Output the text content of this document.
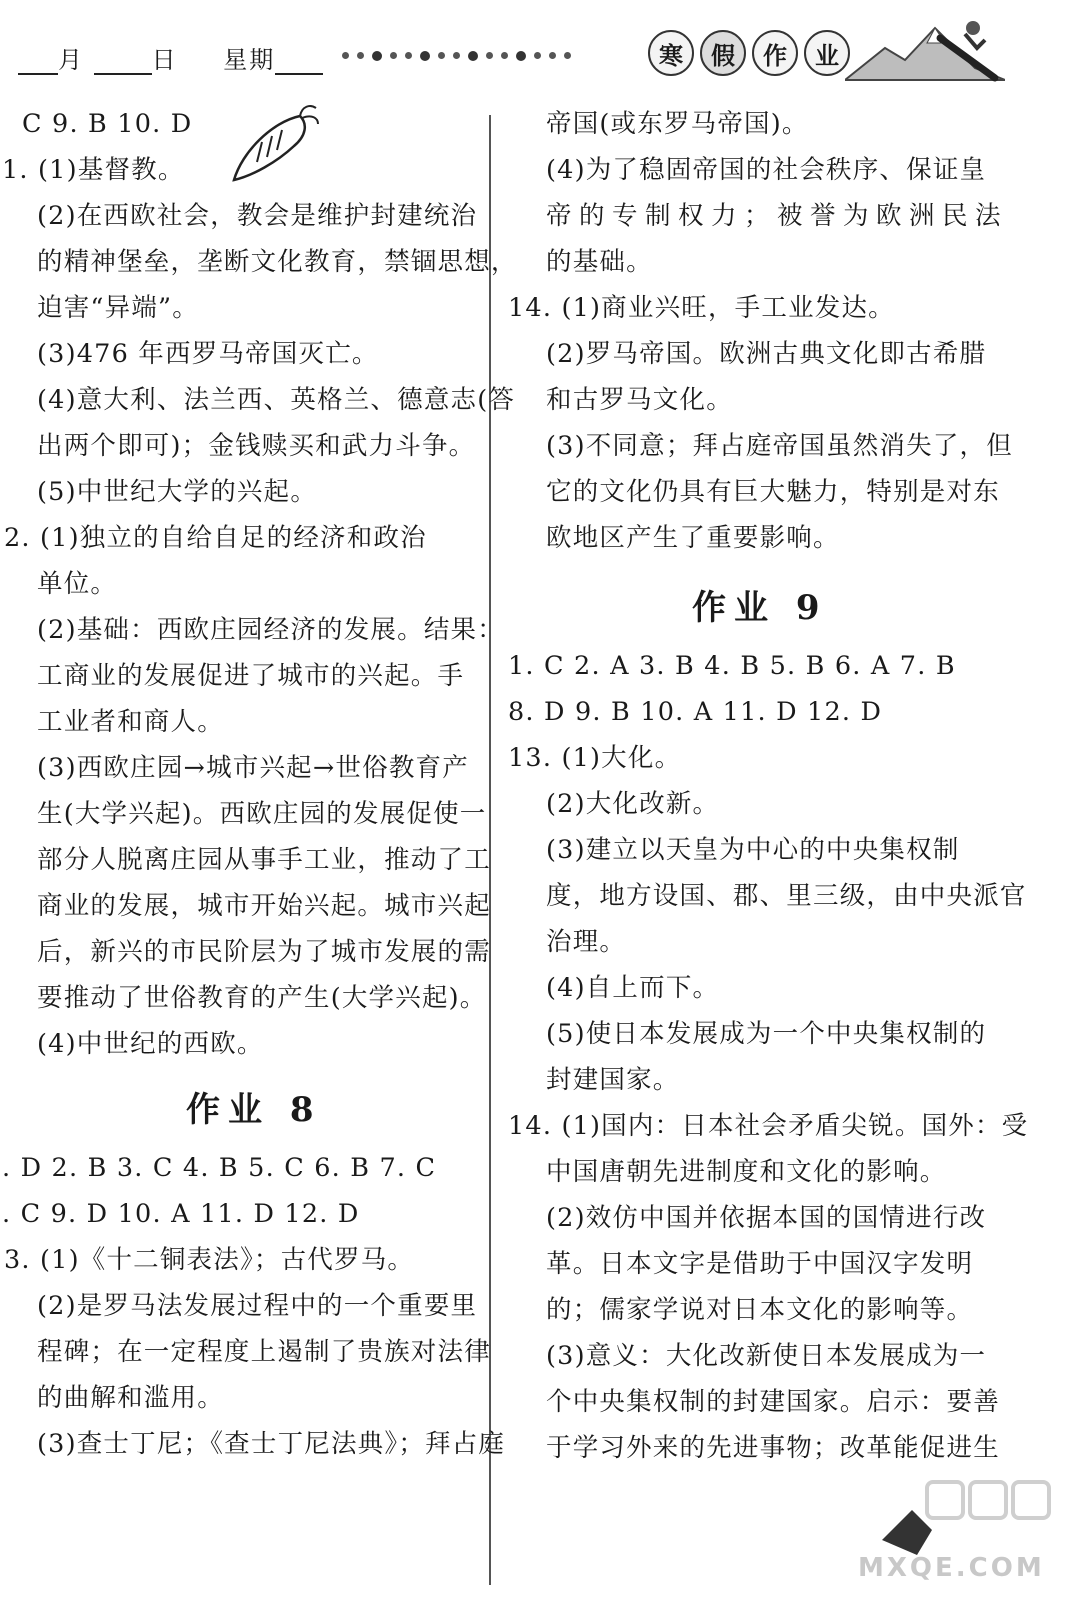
月	日 星期	寒	假	作	业
C 9. B 10. D
1. (1)基督教。
(2)在西欧社会，教会是维护封建统治
的精神堡垒，垄断文化教育，禁锢思想，
迫害“异端”。
(3)476 年西罗马帝国灭亡。
(4)意大利、法兰西、英格兰、德意志(答
出两个即可)；金钱赎买和武力斗争。
(5)中世纪大学的兴起。
2. (1)独立的自给自足的经济和政治
单位。
(2)基础：西欧庄园经济的发展。结果：
工商业的发展促进了城市的兴起。手
工业者和商人。
(3)西欧庄园→城市兴起→世俗教育产
生(大学兴起)。西欧庄园的发展促使一
部分人脱离庄园从事手工业，推动了工
商业的发展，城市开始兴起。城市兴起
后，新兴的市民阶层为了城市发展的需
要推动了世俗教育的产生(大学兴起)。
(4)中世纪的西欧。
作业 8
. D 2. B 3. C 4. B 5. C 6. B 7. C
. C 9. D 10. A 11. D 12. D
3. (1)《十二铜表法》；古代罗马。
(2)是罗马法发展过程中的一个重要里
程碑；在一定程度上遏制了贵族对法律
的曲解和滥用。
(3)查士丁尼；《查士丁尼法典》；拜占庭
帝国(或东罗马帝国)。
(4)为了稳固帝国的社会秩序、保证皇
帝的专制权力；被誉为欧洲民法
的基础。
14. (1)商业兴旺，手工业发达。
(2)罗马帝国。欧洲古典文化即古希腊
和古罗马文化。
(3)不同意；拜占庭帝国虽然消失了，但
它的文化仍具有巨大魅力，特别是对东
欧地区产生了重要影响。
作业 9
1. C 2. A 3. B 4. B 5. B 6. A 7. B
8. D 9. B 10. A 11. D 12. D
13. (1)大化。
(2)大化改新。
(3)建立以天皇为中心的中央集权制
度，地方设国、郡、里三级，由中央派官
治理。
(4)自上而下。
(5)使日本发展成为一个中央集权制的
封建国家。
14. (1)国内：日本社会矛盾尖锐。国外：受
中国唐朝先进制度和文化的影响。
(2)效仿中国并依据本国的国情进行改
革。日本文字是借助于中国汉字发明
的；儒家学说对日本文化的影响等。
(3)意义：大化改新使日本发展成为一
个中央集权制的封建国家。启示：要善
于学习外来的先进事物；改革能促进生
MXQE.COM
